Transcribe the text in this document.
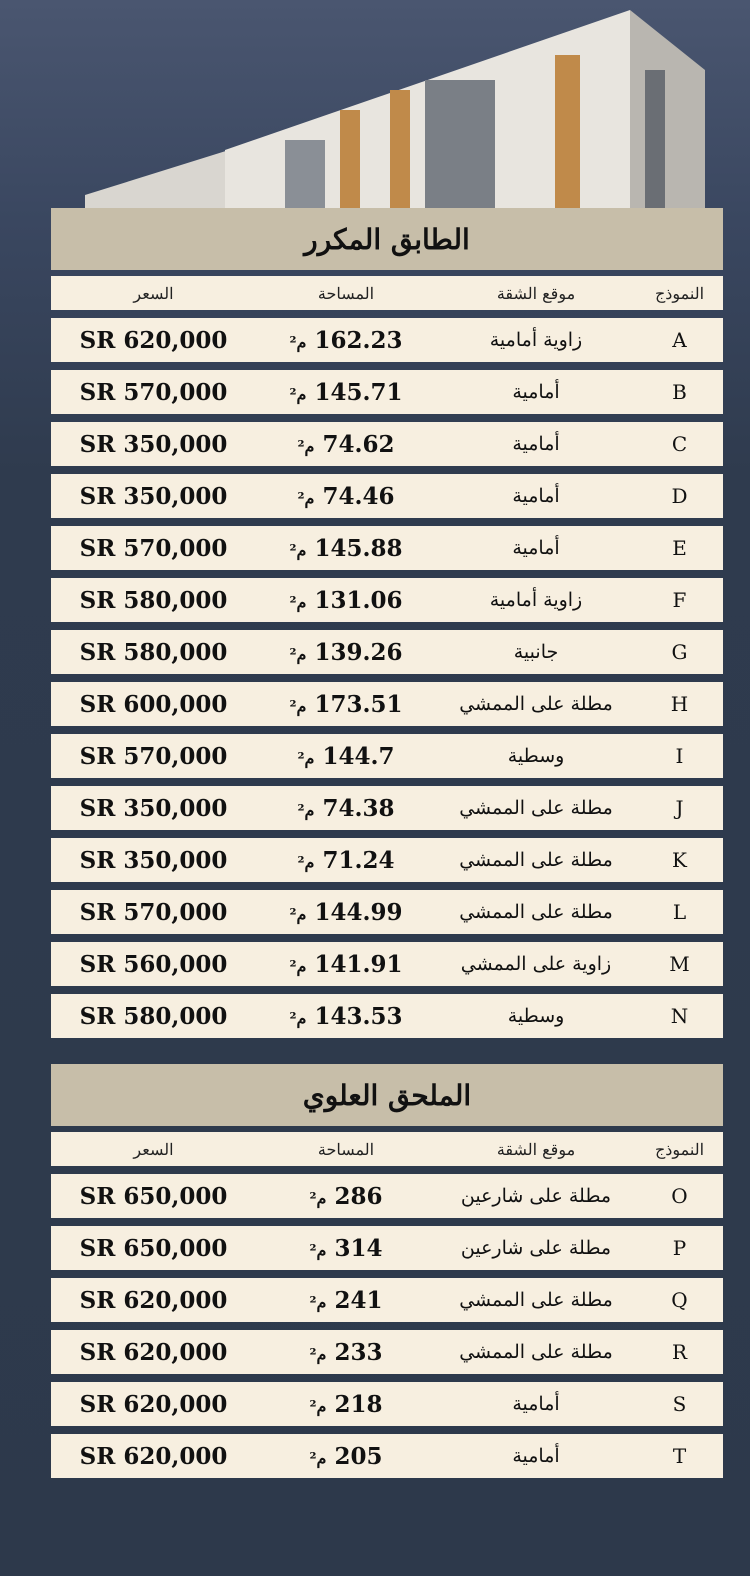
الطابق المكرر
السعر	المساحة	موقع الشقة	النموذج
SR 620,000	162.23 م²	زاوية أمامية	A
SR 570,000	145.71 م²	أمامية	B
SR 350,000	74.62 م²	أمامية	C
SR 350,000	74.46 م²	أمامية	D
SR 570,000	145.88 م²	أمامية	E
SR 580,000	131.06 م²	زاوية أمامية	F
SR 580,000	139.26 م²	جانبية	G
SR 600,000	173.51 م²	مطلة على الممشي	H
SR 570,000	144.7 م²	وسطية	I
SR 350,000	74.38 م²	مطلة على الممشي	J
SR 350,000	71.24 م²	مطلة على الممشي	K
SR 570,000	144.99 م²	مطلة على الممشي	L
SR 560,000	141.91 م²	زاوية على الممشي	M
SR 580,000	143.53 م²	وسطية	N
الملحق العلوي
السعر	المساحة	موقع الشقة	النموذج
SR 650,000	286 م²	مطلة على شارعين	O
SR 650,000	314 م²	مطلة على شارعين	P
SR 620,000	241 م²	مطلة على الممشي	Q
SR 620,000	233 م²	مطلة على الممشي	R
SR 620,000	218 م²	أمامية	S
SR 620,000	205 م²	أمامية	T
